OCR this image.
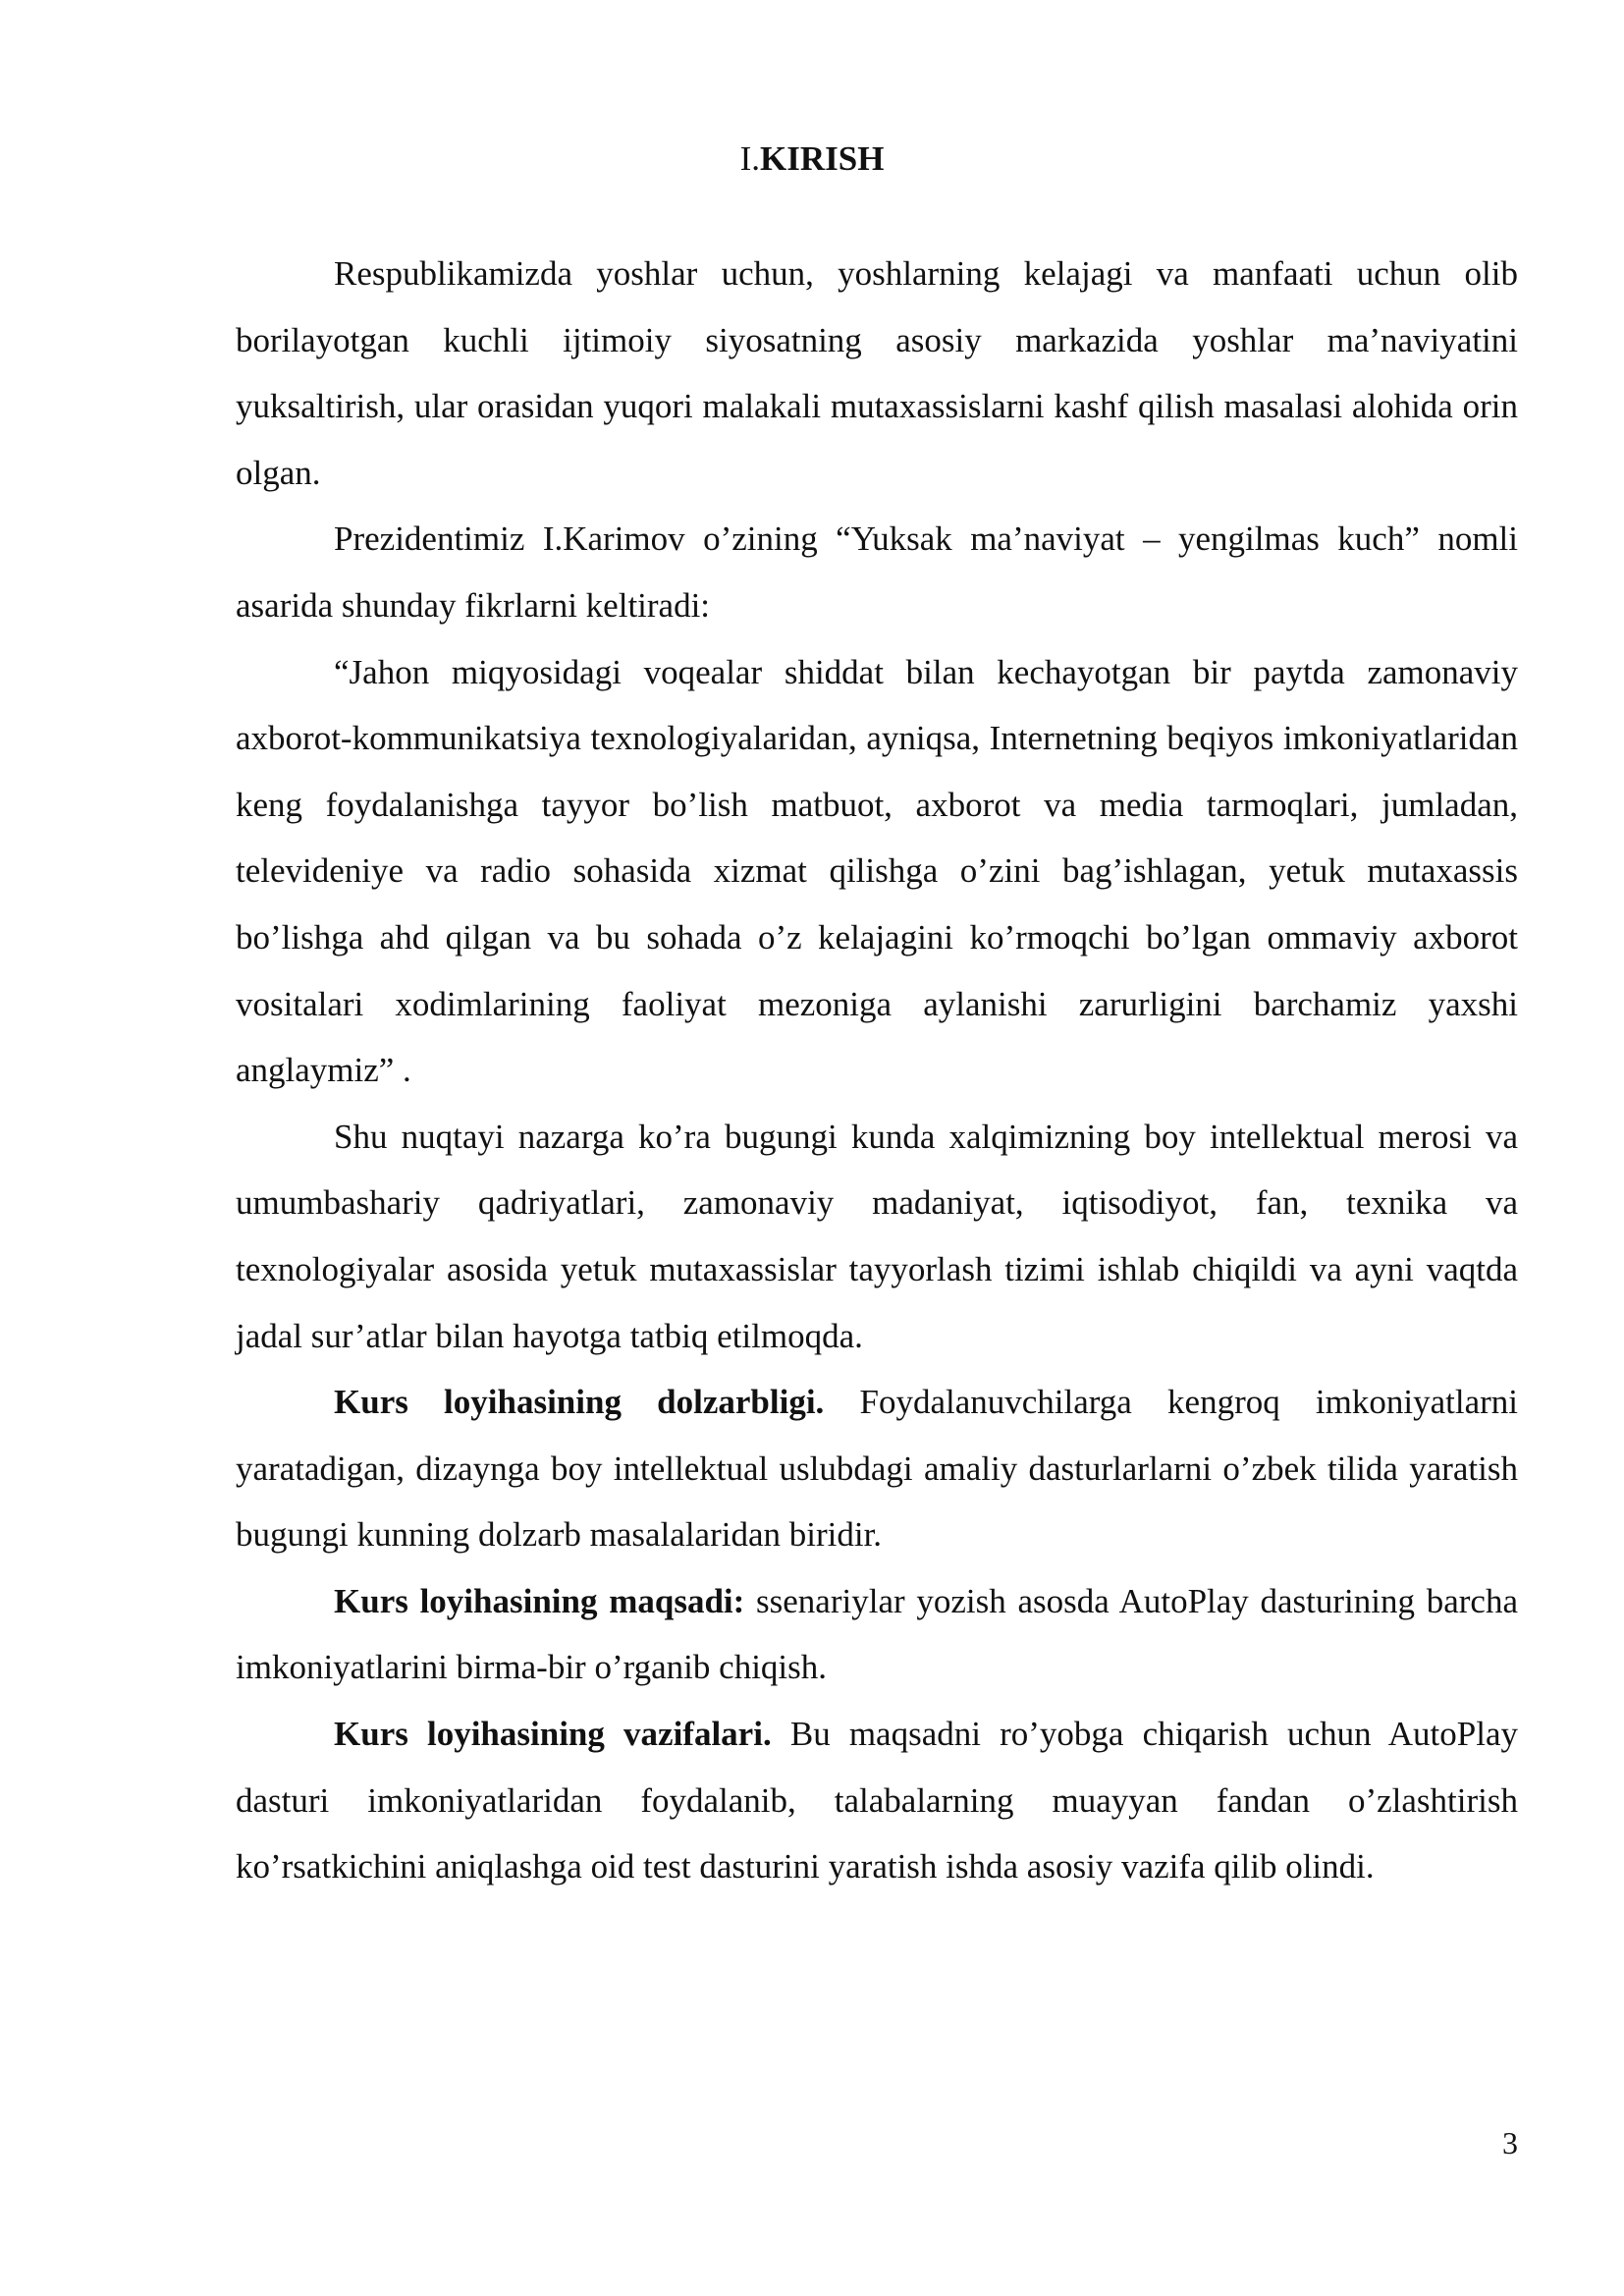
I.KIRISH

Respublikamizda yoshlar uchun, yoshlarning kelajagi va manfaati uchun olib borilayotgan kuchli ijtimoiy siyosatning asosiy markazida yoshlar ma’naviyatini yuksaltirish, ular orasidan yuqori malakali mutaxassislarni kashf qilish masalasi alohida orin olgan.

Prezidentimiz I.Karimov o’zining “Yuksak ma’naviyat – yengilmas kuch” nomli asarida shunday fikrlarni keltiradi:

“Jahon miqyosidagi voqealar shiddat bilan kechayotgan bir paytda zamonaviy axborot-kommunikatsiya texnologiyalaridan, ayniqsa, Internetning beqiyos imkoniyatlaridan keng foydalanishga tayyor bo’lish matbuot, axborot va media tarmoqlari, jumladan, televideniye va radio sohasida xizmat qilishga o’zini bag’ishlagan, yetuk mutaxassis bo’lishga ahd qilgan va bu sohada o’z kelajagini ko’rmoqchi bo’lgan ommaviy axborot vositalari xodimlarining faoliyat mezoniga aylanishi zarurligini barchamiz yaxshi anglaymiz” .

Shu nuqtayi nazarga ko’ra bugungi kunda xalqimizning boy intellektual merosi va umumbashariy qadriyatlari, zamonaviy madaniyat, iqtisodiyot, fan, texnika va texnologiyalar asosida yetuk mutaxassislar tayyorlash tizimi ishlab chiqildi va ayni vaqtda jadal sur’atlar bilan hayotga tatbiq etilmoqda.

Kurs loyihasining dolzarbligi. Foydalanuvchilarga kengroq imkoniyatlarni yaratadigan, dizaynga boy intellektual uslubdagi amaliy dasturlarlarni o’zbek tilida yaratish bugungi kunning dolzarb masalalaridan biridir.

Kurs loyihasining maqsadi: ssenariylar yozish asosda AutoPlay dasturining barcha imkoniyatlarini birma-bir o’rganib chiqish.

Kurs loyihasining vazifalari. Bu maqsadni ro’yobga chiqarish uchun AutoPlay dasturi imkoniyatlaridan foydalanib, talabalarning muayyan fandan o’zlashtirish ko’rsatkichini aniqlashga oid test dasturini yaratish ishda asosiy vazifa qilib olindi.

3
